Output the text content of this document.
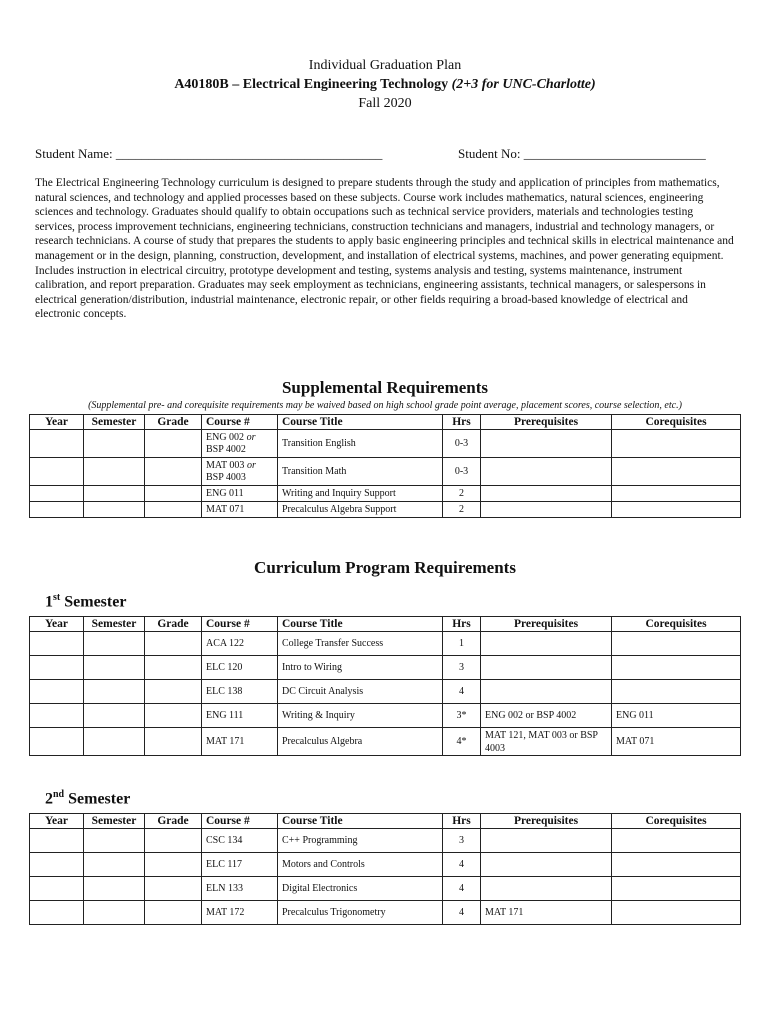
Individual Graduation Plan
A40180B – Electrical Engineering Technology (2+3 for UNC-Charlotte)
Fall 2020
Student Name: _________________________________________	Student No: ____________________________
The Electrical Engineering Technology curriculum is designed to prepare students through the study and application of principles from mathematics, natural sciences, and technology and applied processes based on these subjects. Course work includes mathematics, natural sciences, engineering sciences and technology. Graduates should qualify to obtain occupations such as technical service providers, materials and technologies testing services, process improvement technicians, engineering technicians, construction technicians and managers, industrial and technology managers, or research technicians. A course of study that prepares the students to apply basic engineering principles and technical skills in electrical maintenance and management or in the design, planning, construction, development, and installation of electrical systems, machines, and power generating equipment. Includes instruction in electrical circuitry, prototype development and testing, systems analysis and testing, systems maintenance, instrument calibration, and report preparation. Graduates may seek employment as technicians, engineering assistants, technical managers, or salespersons in electrical generation/distribution, industrial maintenance, electronic repair, or other fields requiring a broad-based knowledge of electrical and electronic concepts.
Supplemental Requirements
(Supplemental pre- and corequisite requirements may be waived based on high school grade point average, placement scores, course selection, etc.)
Year	Semester	Grade	Course #	Course Title	Hrs	Prerequisites	Corequisites
			ENG 002 or
BSP 4002	Transition English	0-3		
			MAT 003 or
BSP 4003	Transition Math	0-3		
			ENG 011	Writing and Inquiry Support	2		
			MAT 071	Precalculus Algebra Support	2		
Curriculum Program Requirements
1st Semester
Year	Semester	Grade	Course #	Course Title	Hrs	Prerequisites	Corequisites
			ACA 122	College Transfer Success	1		
			ELC 120	Intro to Wiring	3		
			ELC 138	DC Circuit Analysis	4		
			ENG 111	Writing & Inquiry	3*	ENG 002 or BSP 4002	ENG 011
			MAT 171	Precalculus Algebra	4*	MAT 121, MAT 003 or BSP 4003	MAT 071
2nd Semester
Year	Semester	Grade	Course #	Course Title	Hrs	Prerequisites	Corequisites
			CSC 134	C++ Programming	3		
			ELC 117	Motors and Controls	4		
			ELN 133	Digital Electronics	4		
			MAT 172	Precalculus Trigonometry	4	MAT 171	
